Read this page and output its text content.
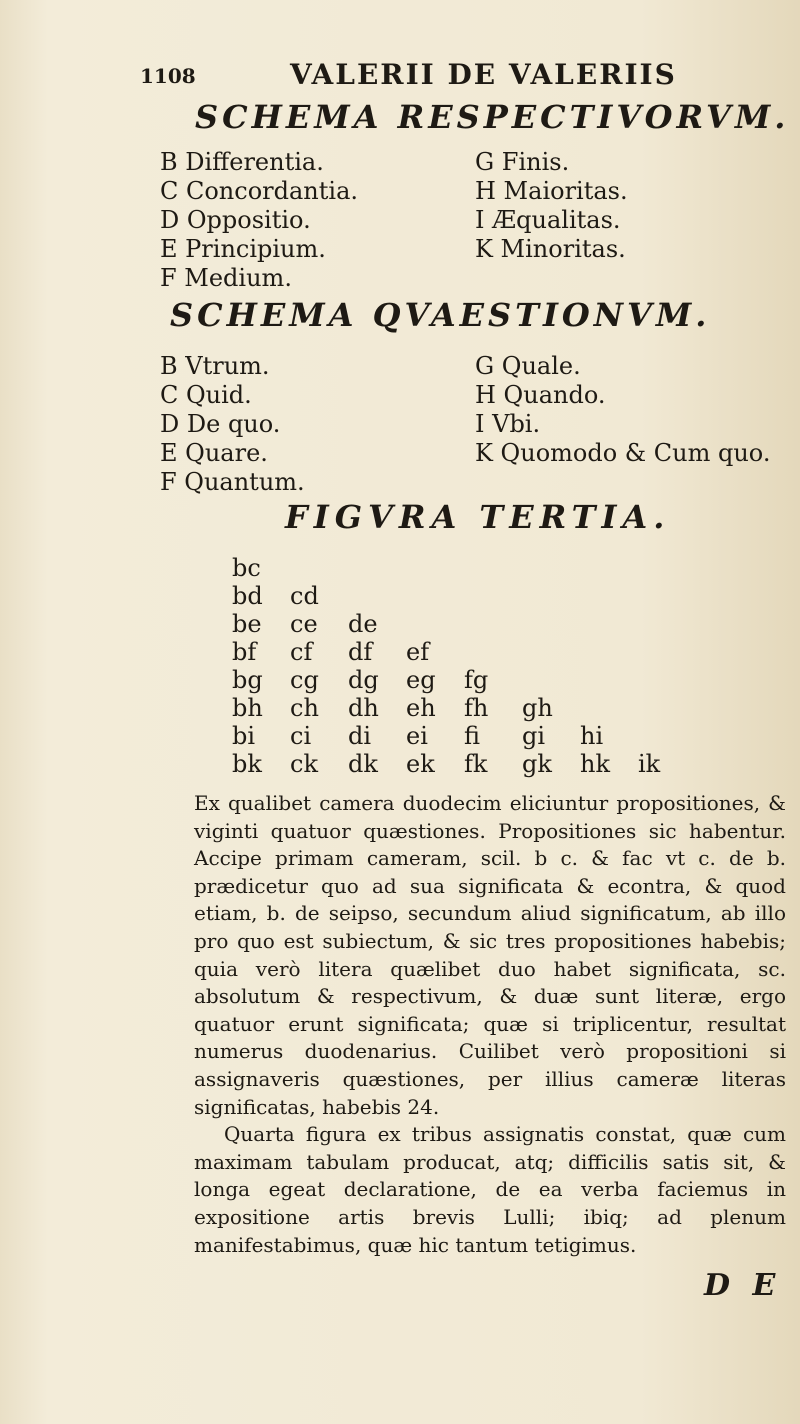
1108	VALERII DE VALERIIS
SCHEMA RESPECTIVORVM.
B Differentia.
C Concordantia.
D Oppositio.
E Principium.
F Medium.
G Finis.
H Maioritas.
I Æqualitas.
K Minoritas.
SCHEMA QVAESTIONVM.
B Vtrum.
C Quid.
D De quo.
E Quare.
F Quantum.
G Quale.
H Quando.
I Vbi.
K Quomodo & Cum quo.
FIGVRA TERTIA.
bc
bd cd
be ce de
bf cf df ef
bg cg dg eg fg
bh ch dh eh fh gh
bi ci di ei fi gi hi
bk ck dk ek fk gk hk ik

Ex qualibet camera duodecim eliciuntur propositiones, & viginti quatuor quæstiones. Propositiones sic habentur. Accipe primam cameram, scil. b c. & fac vt c. de b. prædicetur quo ad sua significata & econtra, & quod etiam, b. de seipso, secundum aliud significatum, ab illo pro quo est subiectum, & sic tres propositiones habebis; quia verò litera quælibet duo habet significata, sc. absolutum & respectivum, & duæ sunt literæ, ergo quatuor erunt significata; quæ si triplicentur, resultat numerus duodenarius. Cuilibet verò propositioni si assignaveris quæstiones, per illius cameræ literas significatas, habebis 24.

Quarta figura ex tribus assignatis constat, quæ cum maximam tabulam producat, atq; difficilis satis sit, & longa egeat declaratione, de ea verba faciemus in expositione artis brevis Lulli; ibiq; ad plenum manifestabimus, quæ hic tantum tetigimus.

D E
